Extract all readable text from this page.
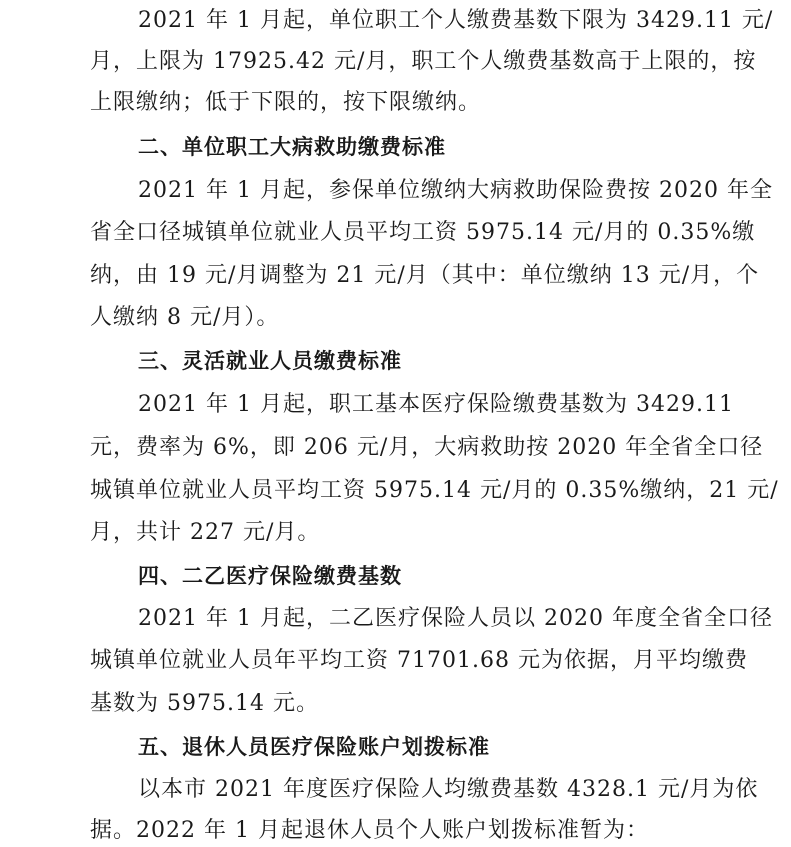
2021 年 1 月起，单位职工个人缴费基数下限为 3429.11 元/
月，上限为 17925.42 元/月，职工个人缴费基数高于上限的，按
上限缴纳；低于下限的，按下限缴纳。
二、单位职工大病救助缴费标准
2021 年 1 月起，参保单位缴纳大病救助保险费按 2020 年全
省全口径城镇单位就业人员平均工资 5975.14 元/月的 0.35%缴
纳，由 19 元/月调整为 21 元/月（其中：单位缴纳 13 元/月，个
人缴纳 8 元/月）。
三、灵活就业人员缴费标准
2021 年 1 月起，职工基本医疗保险缴费基数为 3429.11
元，费率为 6%，即 206 元/月，大病救助按 2020 年全省全口径
城镇单位就业人员平均工资 5975.14 元/月的 0.35%缴纳，21 元/
月，共计 227 元/月。
四、二乙医疗保险缴费基数
2021 年 1 月起，二乙医疗保险人员以 2020 年度全省全口径
城镇单位就业人员年平均工资 71701.68 元为依据，月平均缴费
基数为 5975.14 元。
五、退休人员医疗保险账户划拨标准
以本市 2021 年度医疗保险人均缴费基数 4328.1 元/月为依
据。2022 年 1 月起退休人员个人账户划拨标准暂为：
